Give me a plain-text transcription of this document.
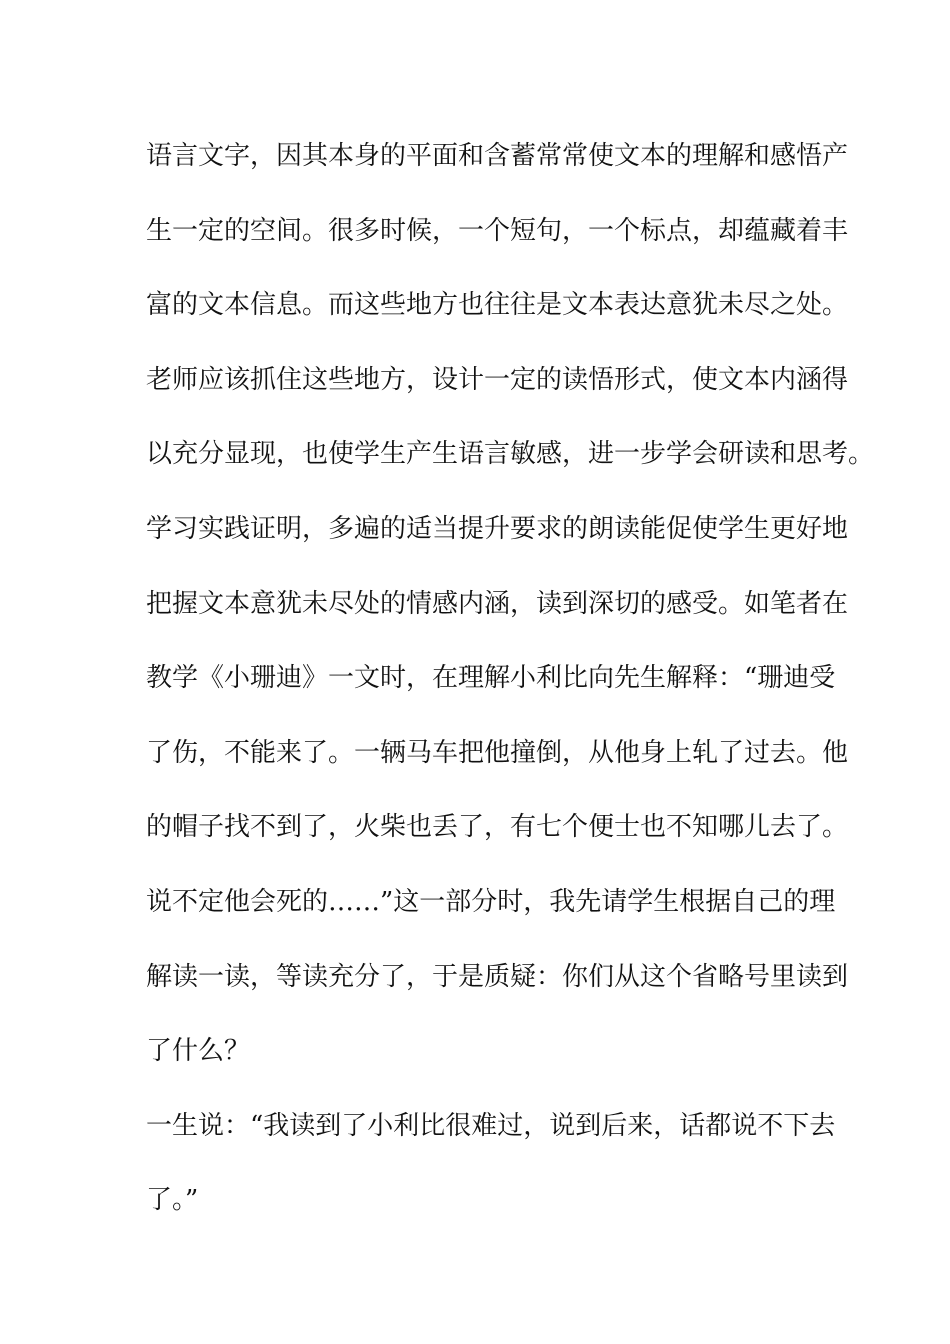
语言文字，因其本身的平面和含蓄常常使文本的理解和感悟产
生一定的空间。很多时候，一个短句，一个标点，却蕴藏着丰
富的文本信息。而这些地方也往往是文本表达意犹未尽之处。
老师应该抓住这些地方，设计一定的读悟形式，使文本内涵得
以充分显现，也使学生产生语言敏感，进一步学会研读和思考。
学习实践证明，多遍的适当提升要求的朗读能促使学生更好地
把握文本意犹未尽处的情感内涵，读到深切的感受。如笔者在
教学《小珊迪》一文时，在理解小利比向先生解释：“珊迪受
了伤，不能来了。一辆马车把他撞倒，从他身上轧了过去。他
的帽子找不到了，火柴也丢了，有七个便士也不知哪儿去了。
说不定他会死的……”这一部分时，我先请学生根据自己的理
解读一读，等读充分了，于是质疑：你们从这个省略号里读到
了什么？
一生说：“我读到了小利比很难过，说到后来，话都说不下去
了。”
